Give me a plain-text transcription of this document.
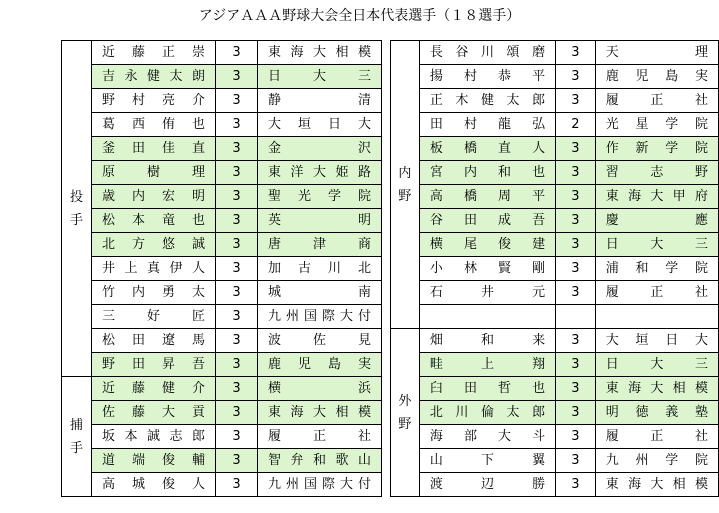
アジアＡＡＡ野球大会全日本代表選手（１８選手）
投
手	近藤正崇	3	東海大相模
	吉永健太朗	3	日大三
	野村亮介	3	静清
	葛西侑也	3	大垣日大
	釜田佳直	3	金沢
	原樹理	3	東洋大姫路
	歳内宏明	3	聖光学院
	松本竜也	3	英明
	北方悠誠	3	唐津商
	井上真伊人	3	加古川北
	竹内勇太	3	城南
	三好匠	3	九州国際大付
	松田遼馬	3	波佐見
	野田昇吾	3	鹿児島実

捕
手	近藤健介	3	横浜
	佐藤大貢	3	東海大相模
	坂本誠志郎	3	履正社
	道端俊輔	3	智弁和歌山
	高城俊人	3	九州国際大付
内
野	長谷川頌磨	3	天理
	揚村恭平	3	鹿児島実
	正木健太郎	3	履正社
	田村龍弘	2	光星学院
	板橋直人	3	作新学院
	宮内和也	3	習志野
	高橋周平	3	東海大甲府
	谷田成吾	3	慶應
	横尾俊建	3	日大三
	小林賢剛	3	浦和学院
	石井元	3	履正社

外
野	畑和来	3	大垣日大
	畦上翔	3	日大三
	臼田哲也	3	東海大相模
	北川倫太郎	3	明徳義塾
	海部大斗	3	履正社
	山下翼	3	九州学院
	渡辺勝	3	東海大相模
